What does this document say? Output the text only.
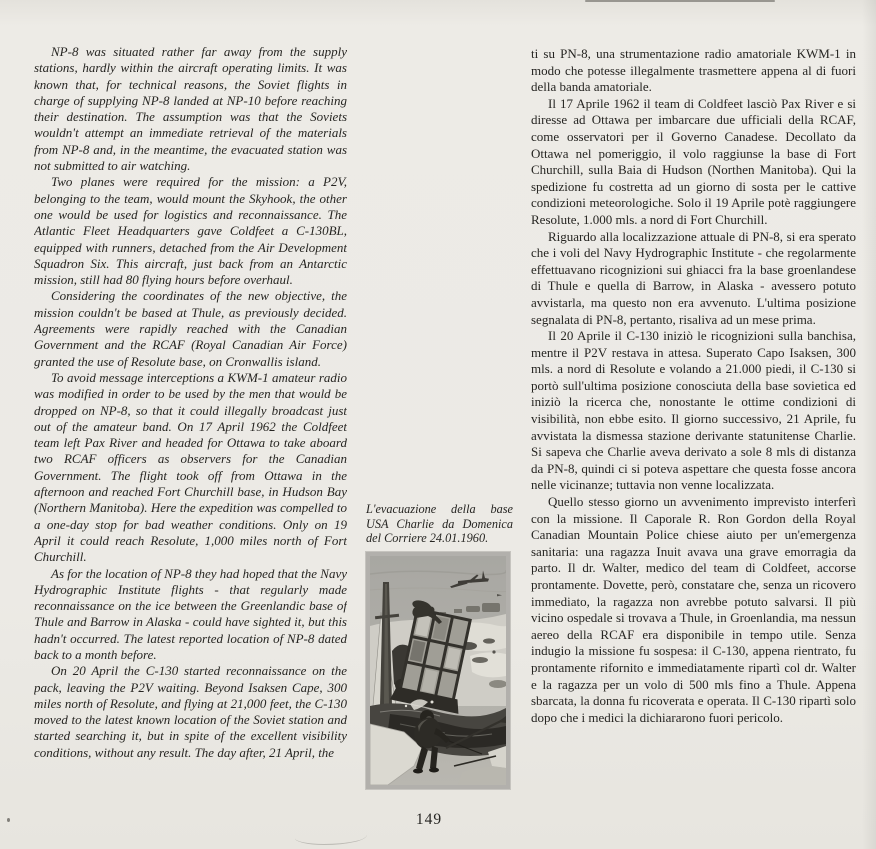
NP-8 was situated rather far away from the supply stations, hardly within the aircraft operating limits. It was known that, for technical reasons, the Soviet flights in charge of supplying NP-8 landed at NP-10 before reaching their destination. The assumption was that the Soviets wouldn't attempt an immediate retrieval of the materials from NP-8 and, in the meantime, the evacuated station was not submitted to air watching.

Two planes were required for the mission: a P2V, belonging to the team, would mount the Skyhook, the other one would be used for logistics and reconnaissance. The Atlantic Fleet Headquarters gave Coldfeet a C-130BL, equipped with runners, detached from the Air Development Squadron Six. This aircraft, just back from an Antarctic mission, still had 80 flying hours before overhaul.

Considering the coordinates of the new objective, the mission couldn't be based at Thule, as previously decided. Agreements were rapidly reached with the Canadian Government and the RCAF (Royal Canadian Air Force) granted the use of Resolute base, on Cronwallis island.

To avoid message interceptions a KWM-1 amateur radio was modified in order to be used by the men that would be dropped on NP-8, so that it could illegally broadcast just out of the amateur band. On 17 April 1962 the Coldfeet team left Pax River and headed for Ottawa to take aboard two RCAF officers as observers for the Canadian Government. The flight took off from Ottawa in the afternoon and reached Fort Churchill base, in Hudson Bay (Northern Manitoba). Here the expedition was compelled to a one-day stop for bad weather conditions. Only on 19 April it could reach Resolute, 1,000 miles north of Fort Churchill.

As for the location of NP-8 they had hoped that the Navy Hydrographic Institute flights - that regularly made reconnaissance on the ice between the Greenlandic base of Thule and Barrow in Alaska - could have sighted it, but this hadn't occurred. The latest reported location of NP-8 dated back to a month before.

On 20 April the C-130 started reconnaissance on the pack, leaving the P2V waiting. Beyond Isaksen Cape, 300 miles north of Resolute, and flying at 21,000 feet, the C-130 moved to the latest known location of the Soviet station and started searching it, but in spite of the excellent visibility conditions, without any result. The day after, 21 April, the

L'evacuazione della base USA Charlie da Domenica del Corriere 24.01.1960.

ti su PN-8, una strumentazione radio amatoriale KWM-1 in modo che potesse illegalmente trasmettere appena al di fuori della banda amatoriale.

Il 17 Aprile 1962 il team di Coldfeet lasciò Pax River e si diresse ad Ottawa per imbarcare due ufficiali della RCAF, come osservatori per il Governo Canadese. Decollato da Ottawa nel pomeriggio, il volo raggiunse la base di Fort Churchill, sulla Baia di Hudson (Northen Manitoba). Qui la spedizione fu costretta ad un giorno di sosta per le cattive condizioni meteorologiche. Solo il 19 Aprile potè raggiungere Resolute, 1.000 mls. a nord di Fort Churchill.

Riguardo alla localizzazione attuale di PN-8, si era sperato che i voli del Navy Hydrographic Institute - che regolarmente effettuavano ricognizioni sui ghiacci fra la base groenlandese di Thule e quella di Barrow, in Alaska - avessero potuto avvistarla, ma questo non era avvenuto. L'ultima posizione segnalata di PN-8, pertanto, risaliva ad un mese prima.

Il 20 Aprile il C-130 iniziò le ricognizioni sulla banchisa, mentre il P2V restava in attesa. Superato Capo Isaksen, 300 mls. a nord di Resolute e volando a 21.000 piedi, il C-130 si portò sull'ultima posizione conosciuta della base sovietica ed iniziò la ricerca che, nonostante le ottime condizioni di visibilità, non ebbe esito. Il giorno successivo, 21 Aprile, fu avvistata la dismessa stazione derivante statunitense Charlie. Si sapeva che Charlie aveva derivato a sole 8 mls di distanza da PN-8, quindi ci si poteva aspettare che questa fosse ancora nelle vicinanze; tuttavia non venne localizzata.

Quello stesso giorno un avvenimento imprevisto interferì con la missione. Il Caporale R. Ron Gordon della Royal Canadian Mountain Police chiese aiuto per un'emergenza sanitaria: una ragazza Inuit avava una grave emorragia da parto. Il dr. Walter, medico del team di Coldfeet, accorse prontamente. Dovette, però, constatare che, senza un ricovero immediato, la ragazza non avrebbe potuto salvarsi. Il più vicino ospedale si trovava a Thule, in Groenlandia, ma nessun aereo della RCAF era disponibile in tempo utile. Senza indugio la missione fu sospesa: il C-130, appena rientrato, fu prontamente rifornito e immediatamente ripartì col dr. Walter e la ragazza per un volo di 500 mls fino a Thule. Appena sbarcata, la donna fu ricoverata e operata. Il C-130 ripartì solo dopo che i medici la dichiararono fuori pericolo.

149
